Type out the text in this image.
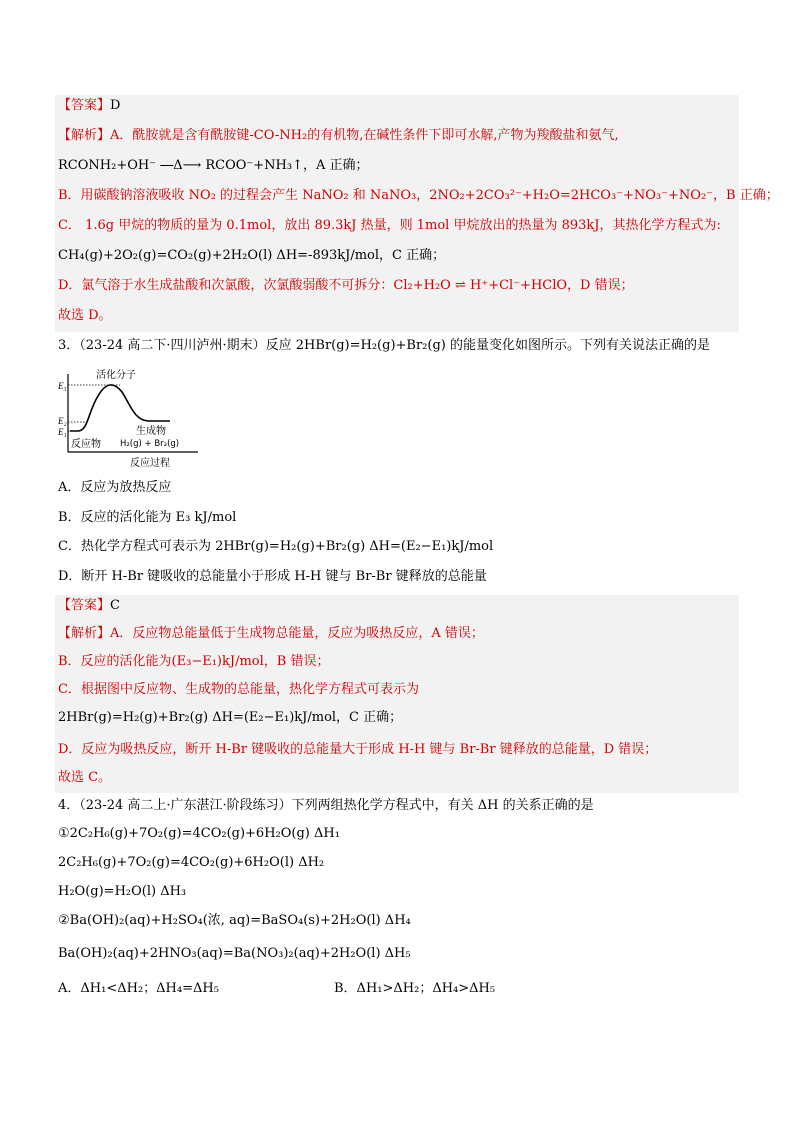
【答案】D
【解析】A．酰胺就是含有酰胺键-CO-NH₂的有机物,在碱性条件下即可水解,产物为羧酸盐和氨气,
RCONH₂+OH⁻ ⎯⎯Δ⟶ RCOO⁻+NH₃↑，A 正确；
B．用碳酸钠溶液吸收 NO₂ 的过程会产生 NaNO₂ 和 NaNO₃，2NO₂+2CO₃²⁻+H₂O=2HCO₃⁻+NO₃⁻+NO₂⁻，B 正确；
C． 1.6g 甲烷的物质的量为 0.1mol，放出 89.3kJ 热量，则 1mol 甲烷放出的热量为 893kJ，其热化学方程式为:
CH₄(g)+2O₂(g)=CO₂(g)+2H₂O(l) ΔH=-893kJ/mol，C 正确；
D．氯气溶于水生成盐酸和次氯酸，次氯酸弱酸不可拆分：Cl₂+H₂O ⇌ H⁺+Cl⁻+HClO，D 错误；
故选 D。
3．（23-24 高二下·四川泸州·期末）反应 2HBr(g)=H₂(g)+Br₂(g) 的能量变化如图所示。下列有关说法正确的是
E₃
E₂
E₁
活化分子
反应物
生成物
H₂(g) + Br₂(g)
反应过程
A．反应为放热反应
B．反应的活化能为 E₃ kJ/mol
C．热化学方程式可表示为 2HBr(g)=H₂(g)+Br₂(g) ΔH=(E₂−E₁)kJ/mol
D．断开 H-Br 键吸收的总能量小于形成 H-H 键与 Br-Br 键释放的总能量
【答案】C
【解析】A．反应物总能量低于生成物总能量，反应为吸热反应，A 错误；
B．反应的活化能为(E₃−E₁)kJ/mol，B 错误；
C．根据图中反应物、生成物的总能量，热化学方程式可表示为
2HBr(g)=H₂(g)+Br₂(g) ΔH=(E₂−E₁)kJ/mol，C 正确；
D．反应为吸热反应，断开 H-Br 键吸收的总能量大于形成 H-H 键与 Br-Br 键释放的总能量，D 错误；
故选 C。
4．（23-24 高二上·广东湛江·阶段练习）下列两组热化学方程式中，有关 ΔH 的关系正确的是
①2C₂H₆(g)+7O₂(g)=4CO₂(g)+6H₂O(g) ΔH₁
2C₂H₆(g)+7O₂(g)=4CO₂(g)+6H₂O(l) ΔH₂
H₂O(g)=H₂O(l) ΔH₃
②Ba(OH)₂(aq)+H₂SO₄(浓, aq)=BaSO₄(s)+2H₂O(l) ΔH₄
Ba(OH)₂(aq)+2HNO₃(aq)=Ba(NO₃)₂(aq)+2H₂O(l) ΔH₅
A．ΔH₁<ΔH₂；ΔH₄=ΔH₅	B．ΔH₁>ΔH₂；ΔH₄>ΔH₅
